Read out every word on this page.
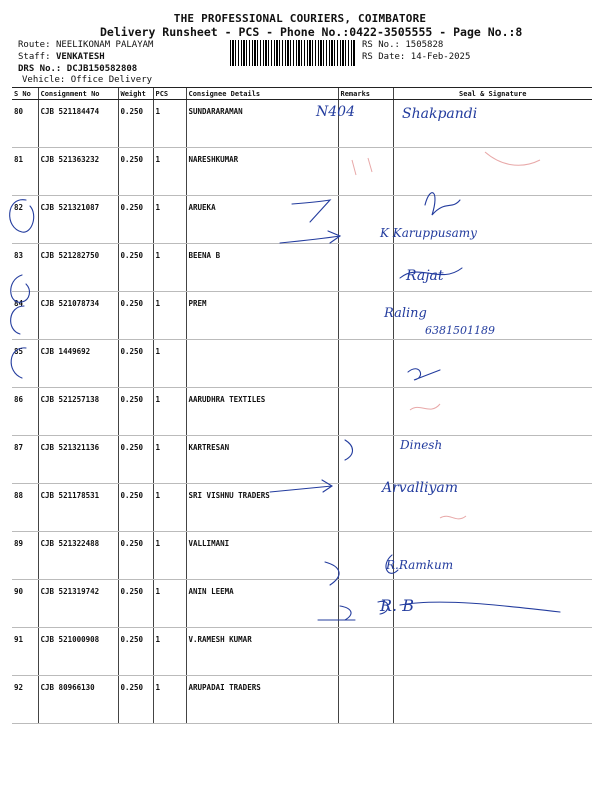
THE PROFESSIONAL COURIERS, COIMBATORE
Delivery Runsheet - PCS - Phone No.:0422-3505555 - Page No.:8
Route: NEELIKONAM PALAYAM
Staff: VENKATESH
DRS No.: DCJB150582808
Vehicle: Office Delivery
RS No.: 1505828
RS Date: 14-Feb-2025
S No	Consignment No	Weight	PCS	Consignee Details	Remarks	Seal & Signature
80	CJB 521184474	0.250	1	SUNDARARAMAN		
81	CJB 521363232	0.250	1	NARESHKUMAR		
82	CJB 521321087	0.250	1	ARUEKA		
83	CJB 521282750	0.250	1	BEENA B		
84	CJB 521078734	0.250	1	PREM		
85	CJB 1449692	0.250	1			
86	CJB 521257138	0.250	1	AARUDHRA TEXTILES		
87	CJB 521321136	0.250	1	KARTRESAN		
88	CJB 521178531	0.250	1	SRI VISHNU TRADERS		
89	CJB 521322488	0.250	1	VALLIMANI		
90	CJB 521319742	0.250	1	ANIN LEEMA		
91	CJB 521000908	0.250	1	V.RAMESH KUMAR		
92	CJB 80966130	0.250	1	ARUPADAI TRADERS		
N404	Shakpandi
K Karuppusamy
Rajat
Raling
6381501189
Dinesh
Arvalliyam
R.Ramkum
R. B
